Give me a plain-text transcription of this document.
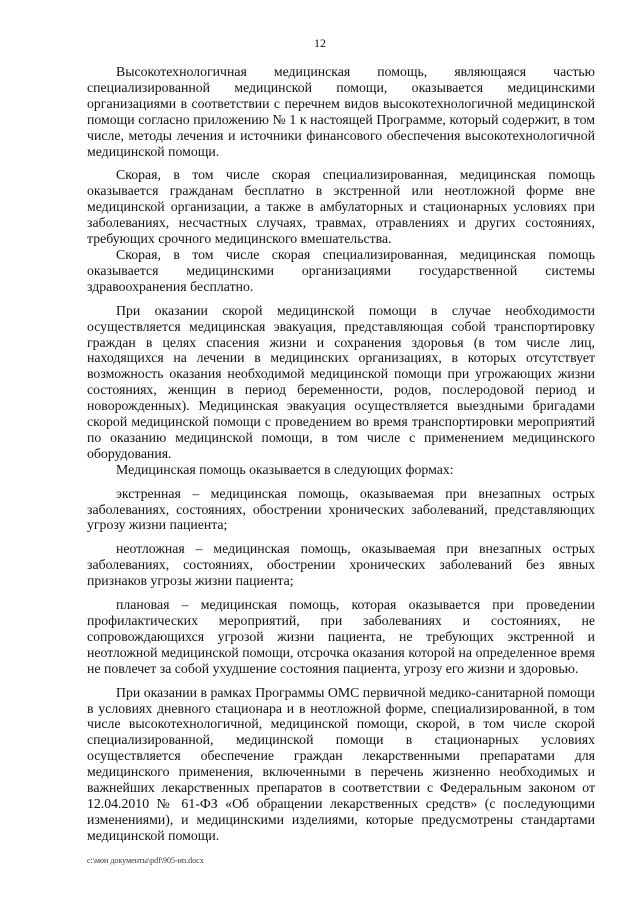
12

Высокотехнологичная медицинская помощь, являющаяся частью специализированной медицинской помощи, оказывается медицинскими организациями в соответствии с перечнем видов высокотехнологичной медицинской помощи согласно приложению № 1 к настоящей Программе, который содержит, в том числе, методы лечения и источники финансового обеспечения высокотехнологичной медицинской помощи.

Скорая, в том числе скорая специализированная, медицинская помощь оказывается гражданам бесплатно в экстренной или неотложной форме вне медицинской организации, а также в амбулаторных и стационарных условиях при заболеваниях, несчастных случаях, травмах, отравлениях и других состояниях, требующих срочного медицинского вмешательства.

Скорая, в том числе скорая специализированная, медицинская помощь оказывается медицинскими организациями государственной системы здравоохранения бесплатно.

При оказании скорой медицинской помощи в случае необходимости осуществляется медицинская эвакуация, представляющая собой транспортировку граждан в целях спасения жизни и сохранения здоровья (в том числе лиц, находящихся на лечении в медицинских организациях, в которых отсутствует возможность оказания необходимой медицинской помощи при угрожающих жизни состояниях, женщин в период беременности, родов, послеродовой период и новорожденных). Медицинская эвакуация осуществляется выездными бригадами скорой медицинской помощи с проведением во время транспортировки мероприятий по оказанию медицинской помощи, в том числе с применением медицинского оборудования.

Медицинская помощь оказывается в следующих формах:

экстренная – медицинская помощь, оказываемая при внезапных острых заболеваниях, состояниях, обострении хронических заболеваний, представляющих угрозу жизни пациента;

неотложная – медицинская помощь, оказываемая при внезапных острых заболеваниях, состояниях, обострении хронических заболеваний без явных признаков угрозы жизни пациента;

плановая – медицинская помощь, которая оказывается при проведении профилактических мероприятий, при заболеваниях и состояниях, не сопровождающихся угрозой жизни пациента, не требующих экстренной и неотложной медицинской помощи, отсрочка оказания которой на определенное время не повлечет за собой ухудшение состояния пациента, угрозу его жизни и здоровью.

При оказании в рамках Программы ОМС первичной медико-санитарной помощи в условиях дневного стационара и в неотложной форме, специализированной, в том числе высокотехнологичной, медицинской помощи, скорой, в том числе скорой специализированной, медицинской помощи в стационарных условиях осуществляется обеспечение граждан лекарственными препаратами для медицинского применения, включенными в перечень жизненно необходимых и важнейших лекарственных препаратов в соответствии с Федеральным законом от 12.04.2010 № 61-ФЗ «Об обращении лекарственных средств» (с последующими изменениями), и медицинскими изделиями, которые предусмотрены стандартами медицинской помощи.

c:\мои документы\pdf\905-ип.docx
